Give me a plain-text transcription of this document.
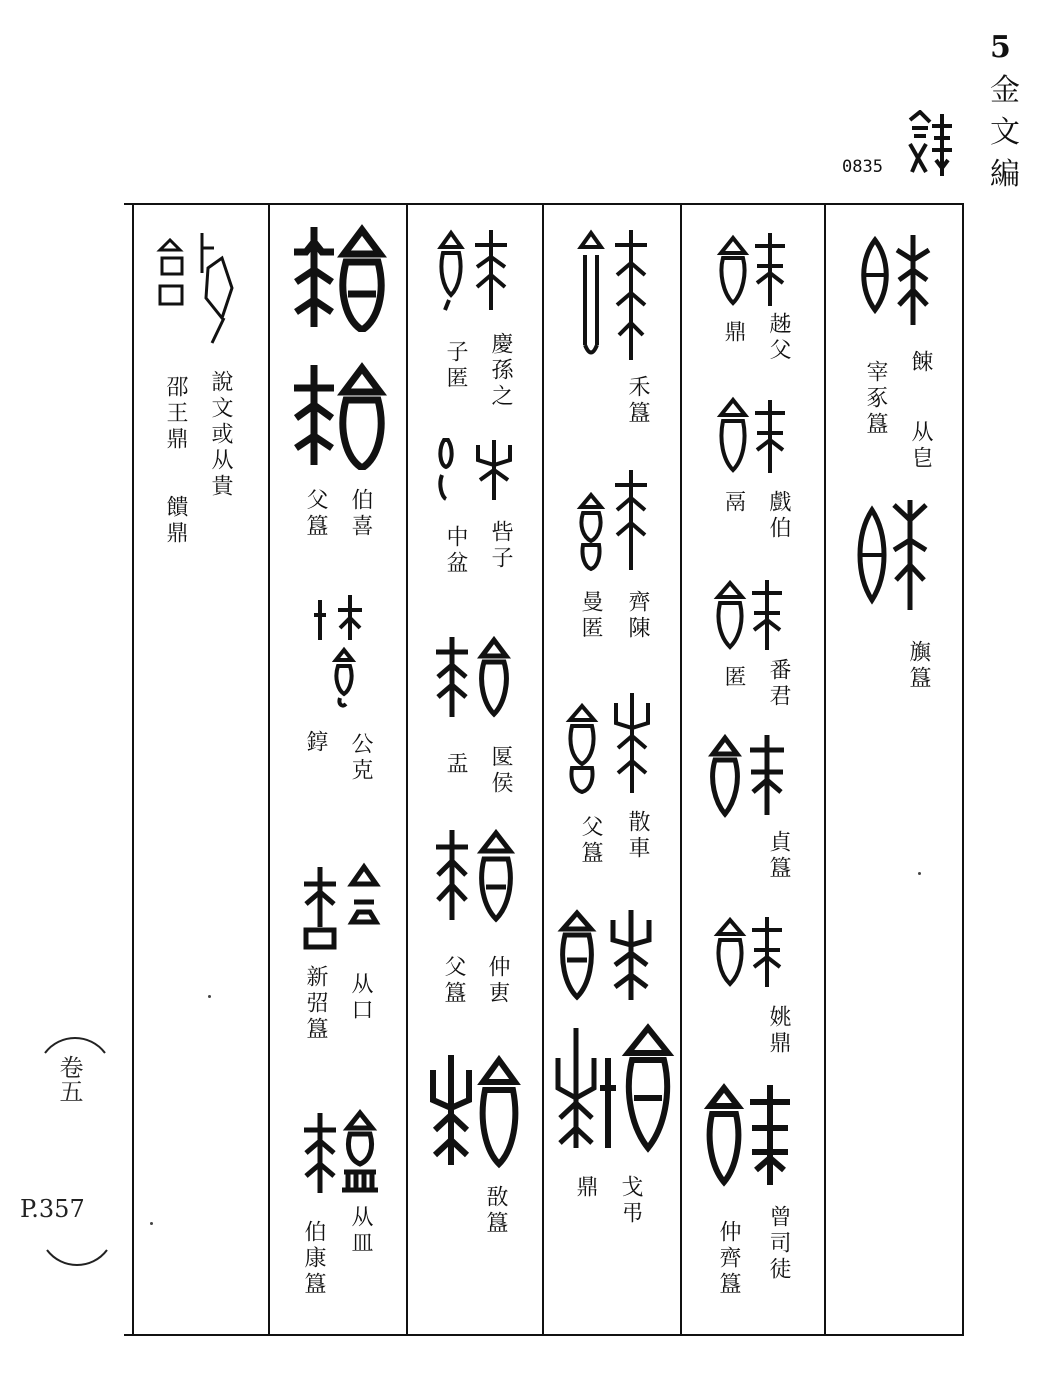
5
金文編
0835
餗
从皀
宰豖簋
旟簋
趀父
鼎
戲伯
鬲
番君
匿
貞簋
姚鼎
曾司徒
仲齊簋
禾簋
齊陳
曼匿
散車
父簋
戈弔
鼎
慶孫之
子匿
呰子
中盆
匽侯
盂
仲叀
父簋
敔簋
伯喜
父簋
公克
錞
从口
新弨簋
从皿
伯康簋
說文或从貴
邵王鼎
饋鼎
卷五
P.357
